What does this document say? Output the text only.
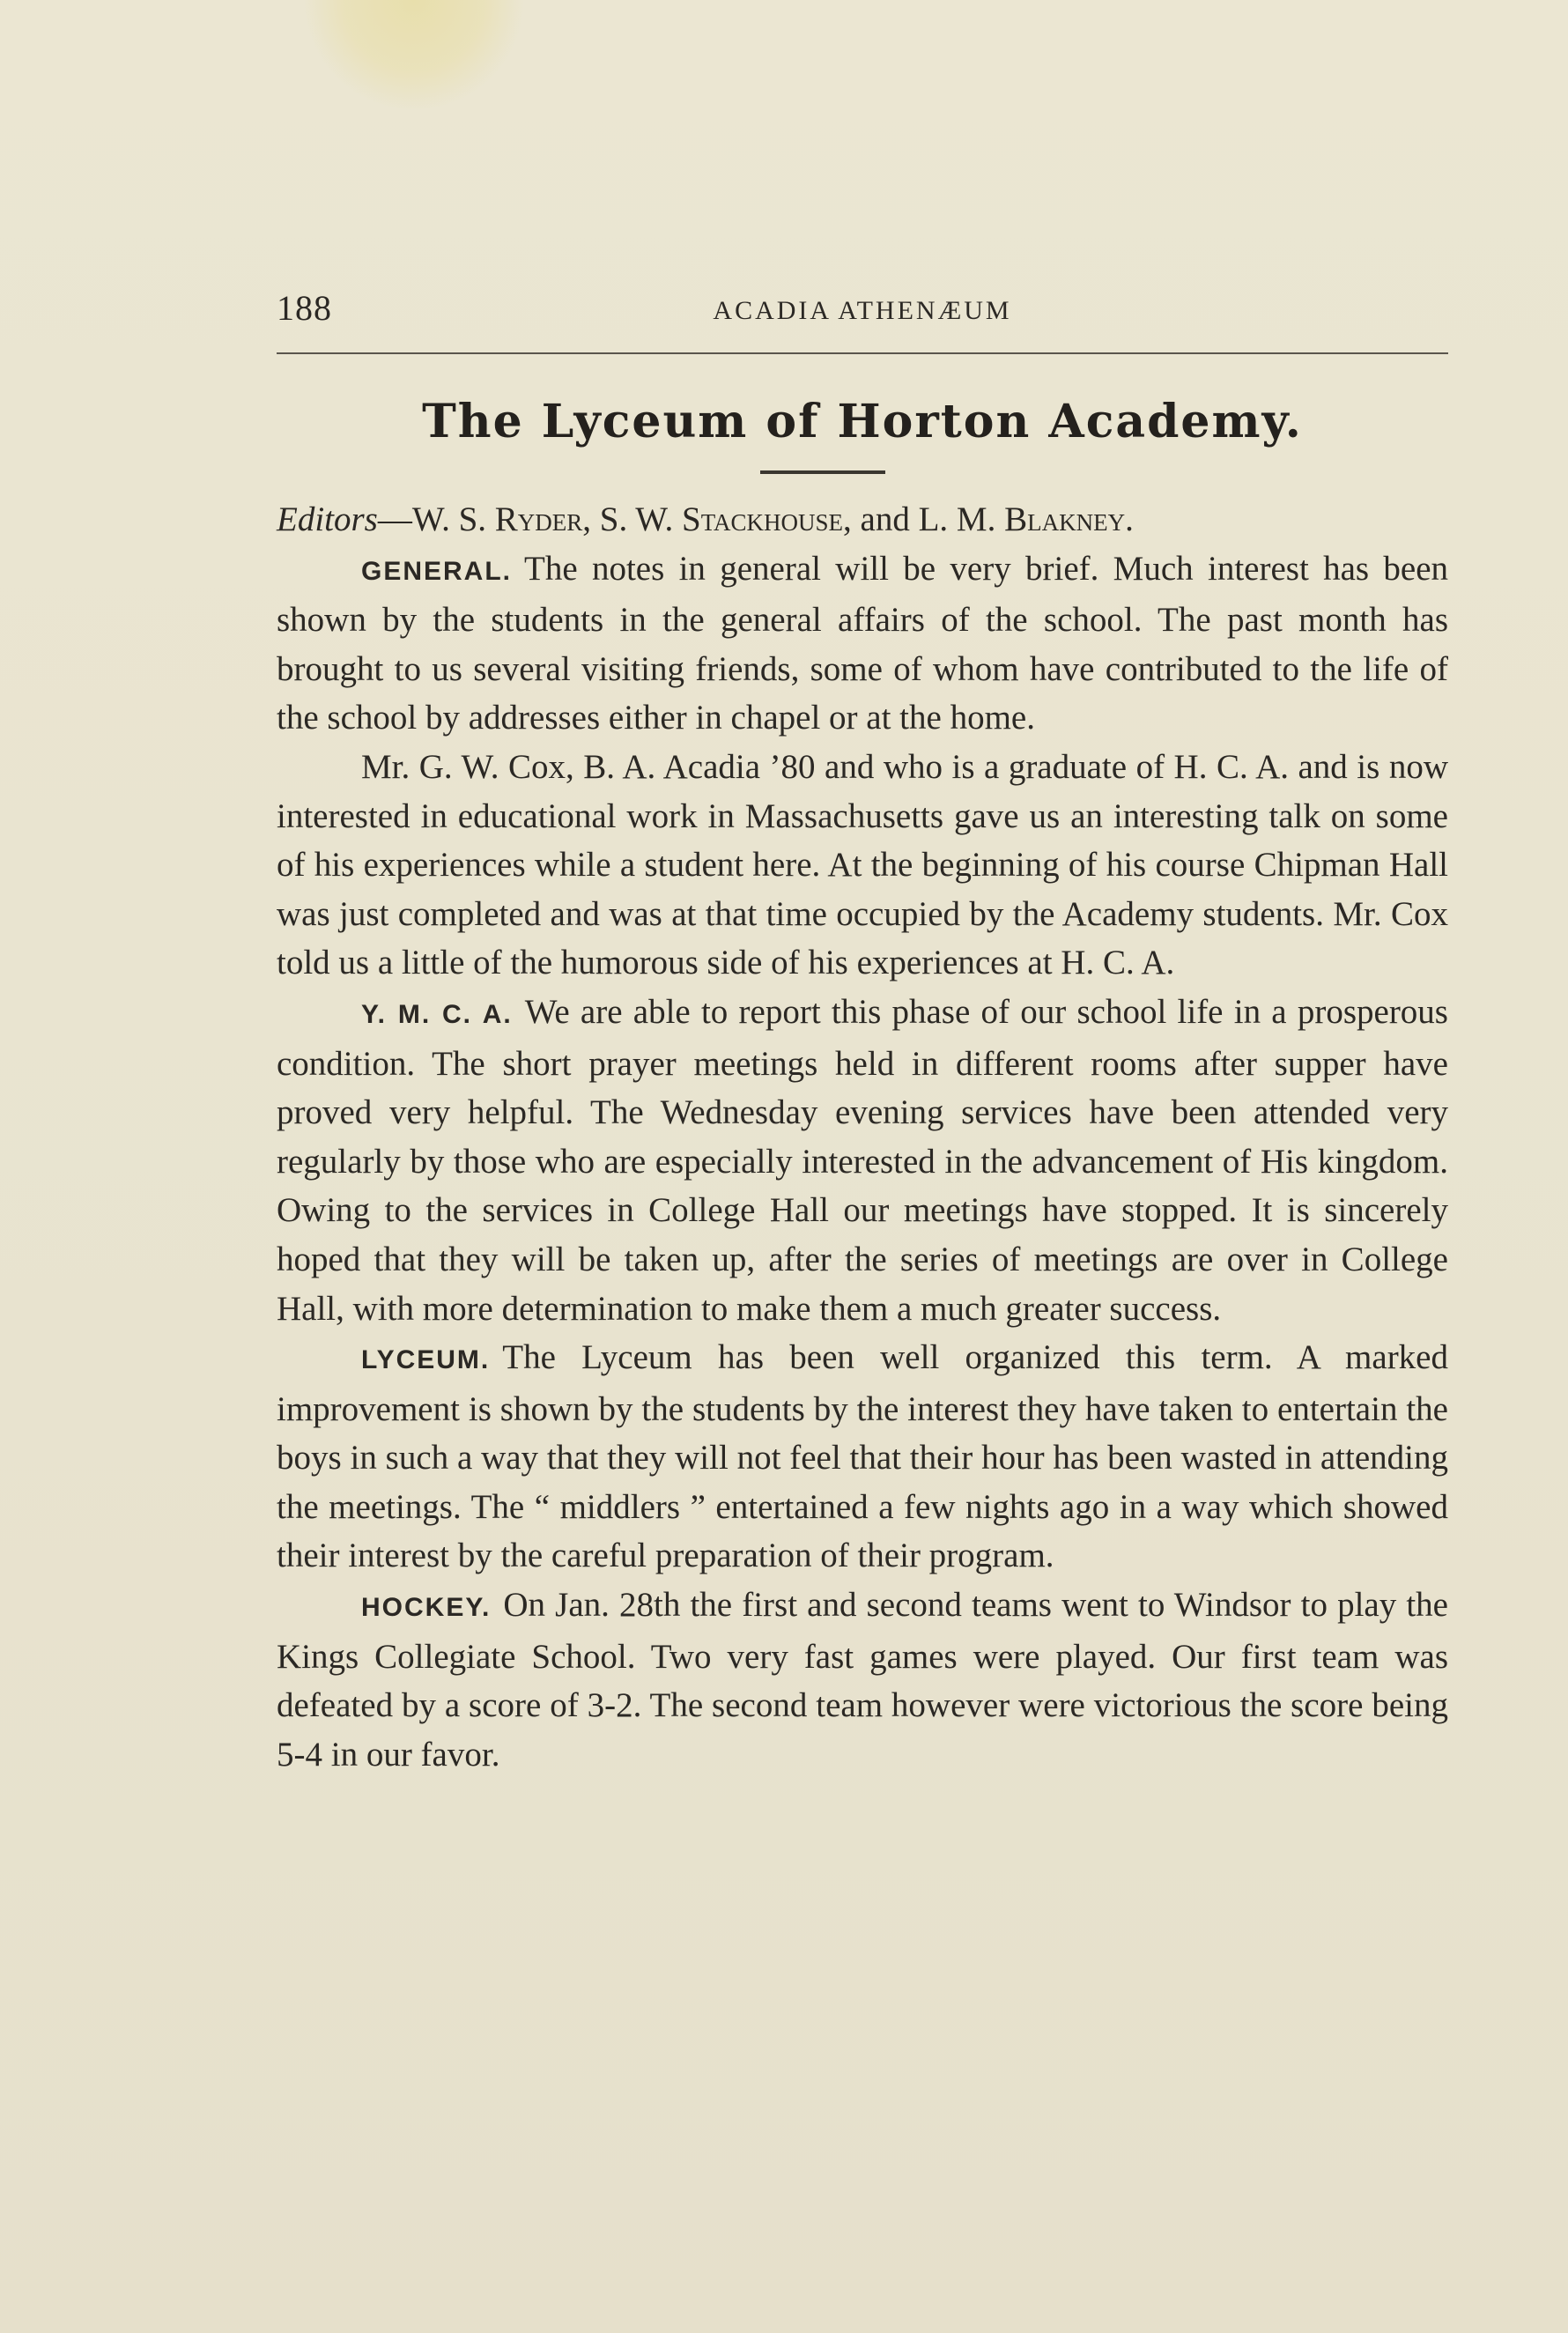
188	ACADIA ATHENÆUM
The Lyceum of Horton Academy.

Editors—W. S. Ryder, S. W. Stackhouse, and L. M. Blakney.

GENERAL. The notes in general will be very brief. Much interest has been shown by the students in the general affairs of the school. The past month has brought to us several visiting friends, some of whom have contributed to the life of the school by addresses either in chapel or at the home.

Mr. G. W. Cox, B. A. Acadia ’80 and who is a graduate of H. C. A. and is now interested in educational work in Massachusetts gave us an interesting talk on some of his experiences while a student here. At the beginning of his course Chipman Hall was just completed and was at that time occupied by the Academy students. Mr. Cox told us a little of the humorous side of his experiences at H. C. A.

Y. M. C. A. We are able to report this phase of our school life in a prosperous condition. The short prayer meetings held in different rooms after supper have proved very helpful. The Wednesday evening services have been attended very regularly by those who are especially interested in the advancement of His kingdom. Owing to the services in College Hall our meetings have stopped. It is sincerely hoped that they will be taken up, after the series of meetings are over in College Hall, with more determination to make them a much greater success.

LYCEUM. The Lyceum has been well organized this term. A marked improvement is shown by the students by the interest they have taken to entertain the boys in such a way that they will not feel that their hour has been wasted in attending the meetings. The “ middlers ” entertained a few nights ago in a way which showed their interest by the careful preparation of their program.

HOCKEY. On Jan. 28th the first and second teams went to Windsor to play the Kings Collegiate School. Two very fast games were played. Our first team was defeated by a score of 3-2. The second team however were victorious the score being 5-4 in our favor.
